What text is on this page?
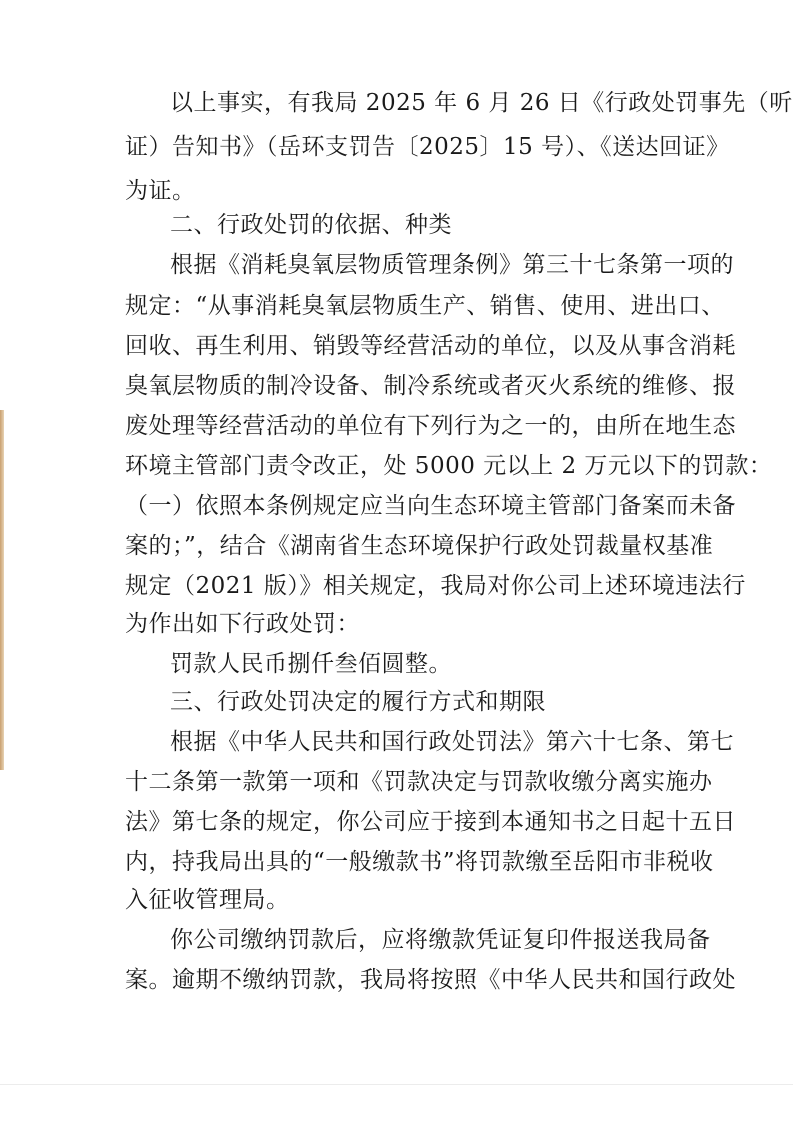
以上事实，有我局 2025 年 6 月 26 日《行政处罚事先（听
证）告知书》（岳环支罚告〔2025〕15 号）、《送达回证》
为证。
二、行政处罚的依据、种类
根据《消耗臭氧层物质管理条例》第三十七条第一项的
规定：“从事消耗臭氧层物质生产、销售、使用、进出口、
回收、再生利用、销毁等经营活动的单位，以及从事含消耗
臭氧层物质的制冷设备、制冷系统或者灭火系统的维修、报
废处理等经营活动的单位有下列行为之一的，由所在地生态
环境主管部门责令改正，处 5000 元以上 2 万元以下的罚款：
（一）依照本条例规定应当向生态环境主管部门备案而未备
案的；”，结合《湖南省生态环境保护行政处罚裁量权基准
规定（2021 版）》相关规定，我局对你公司上述环境违法行
为作出如下行政处罚：
罚款人民币捌仟叁佰圆整。
三、行政处罚决定的履行方式和期限
根据《中华人民共和国行政处罚法》第六十七条、第七
十二条第一款第一项和《罚款决定与罚款收缴分离实施办
法》第七条的规定，你公司应于接到本通知书之日起十五日
内，持我局出具的“一般缴款书”将罚款缴至岳阳市非税收
入征收管理局。
你公司缴纳罚款后，应将缴款凭证复印件报送我局备
案。逾期不缴纳罚款，我局将按照《中华人民共和国行政处
